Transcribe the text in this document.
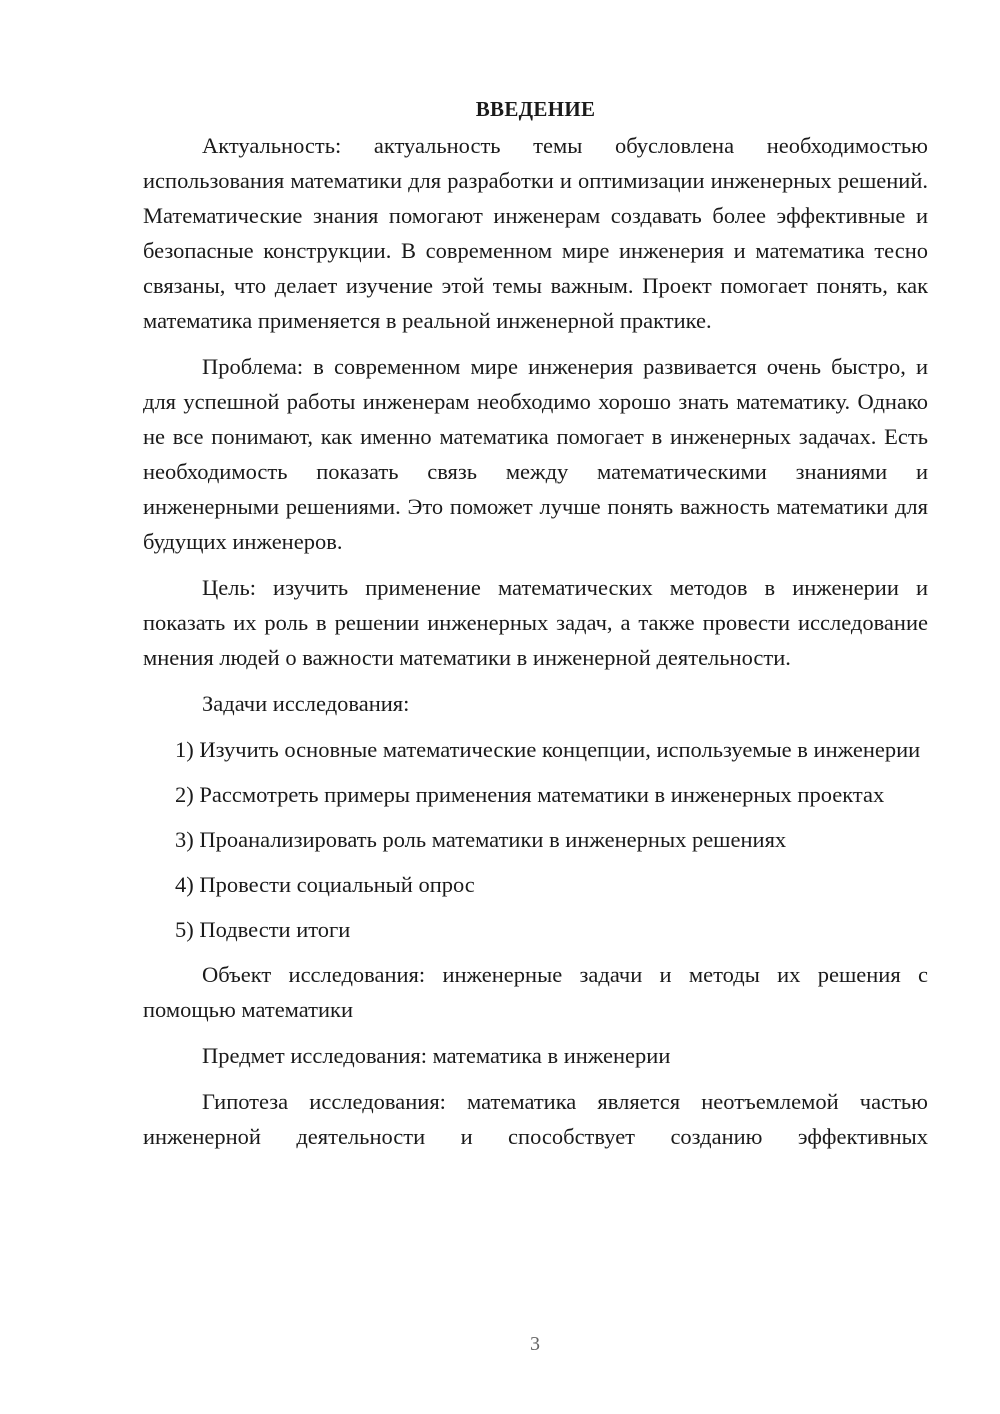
ВВЕДЕНИЕ

Актуальность: актуальность темы обусловлена необходимостью использования математики для разработки и оптимизации инженерных решений. Математические знания помогают инженерам создавать более эффективные и безопасные конструкции. В современном мире инженерия и математика тесно связаны, что делает изучение этой темы важным. Проект помогает понять, как математика применяется в реальной инженерной практике.

Проблема: в современном мире инженерия развивается очень быстро, и для успешной работы инженерам необходимо хорошо знать математику. Однако не все понимают, как именно математика помогает в инженерных задачах. Есть необходимость показать связь между математическими знаниями и инженерными решениями. Это поможет лучше понять важность математики для будущих инженеров.

Цель: изучить применение математических методов в инженерии и показать их роль в решении инженерных задач, а также провести исследование мнения людей о важности математики в инженерной деятельности.

Задачи исследования:

1) Изучить основные математические концепции, используемые в инженерии

2) Рассмотреть примеры применения математики в инженерных проектах

3) Проанализировать роль математики в инженерных решениях

4) Провести социальный опрос

5) Подвести итоги

Объект исследования: инженерные задачи и методы их решения с помощью математики

Предмет исследования: математика в инженерии

Гипотеза исследования: математика является неотъемлемой частью инженерной деятельности и способствует созданию эффективных

3
